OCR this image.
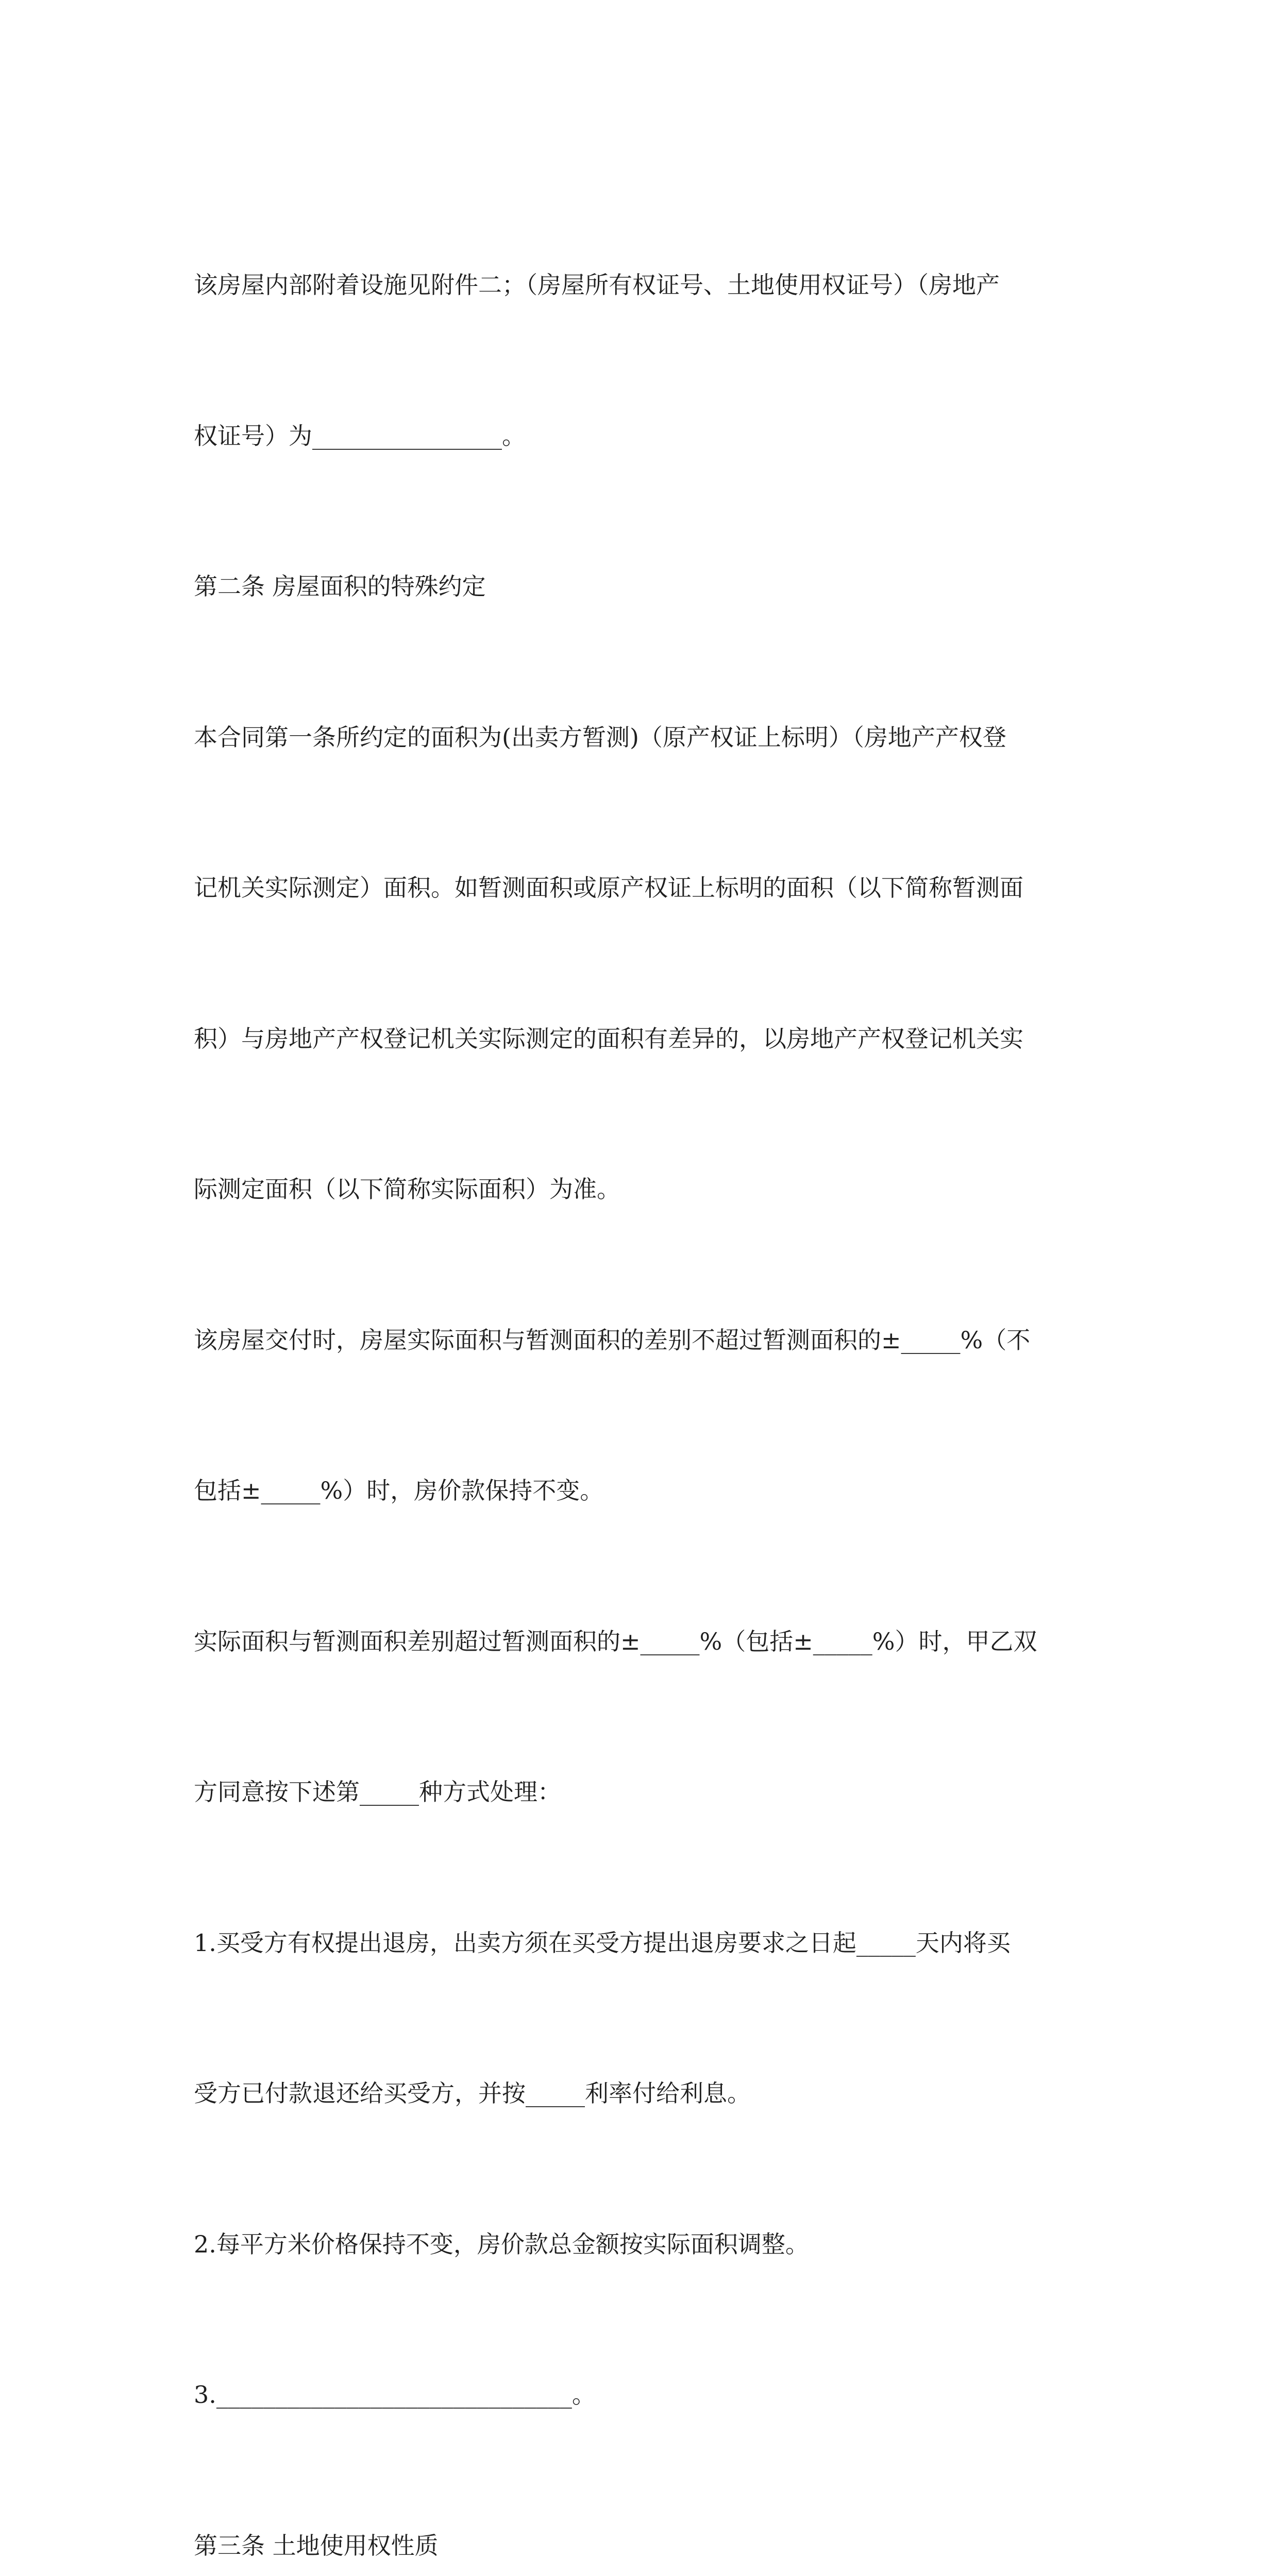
该房屋内部附着设施见附件二；（房屋所有权证号、土地使用权证号）（房地产

权证号）为________________。

第二条 房屋面积的特殊约定

本合同第一条所约定的面积为(出卖方暂测)（原产权证上标明）（房地产产权登

记机关实际测定）面积。如暂测面积或原产权证上标明的面积（以下简称暂测面

积）与房地产产权登记机关实际测定的面积有差异的，以房地产产权登记机关实

际测定面积（以下简称实际面积）为准。

该房屋交付时，房屋实际面积与暂测面积的差别不超过暂测面积的±_____%（不

包括±_____%）时，房价款保持不变。

实际面积与暂测面积差别超过暂测面积的±_____%（包括±_____%）时，甲乙双

方同意按下述第_____种方式处理：

1.买受方有权提出退房，出卖方须在买受方提出退房要求之日起_____天内将买

受方已付款退还给买受方，并按_____利率付给利息。

2.每平方米价格保持不变，房价款总金额按实际面积调整。

3.______________________________。

第三条 土地使用权性质
